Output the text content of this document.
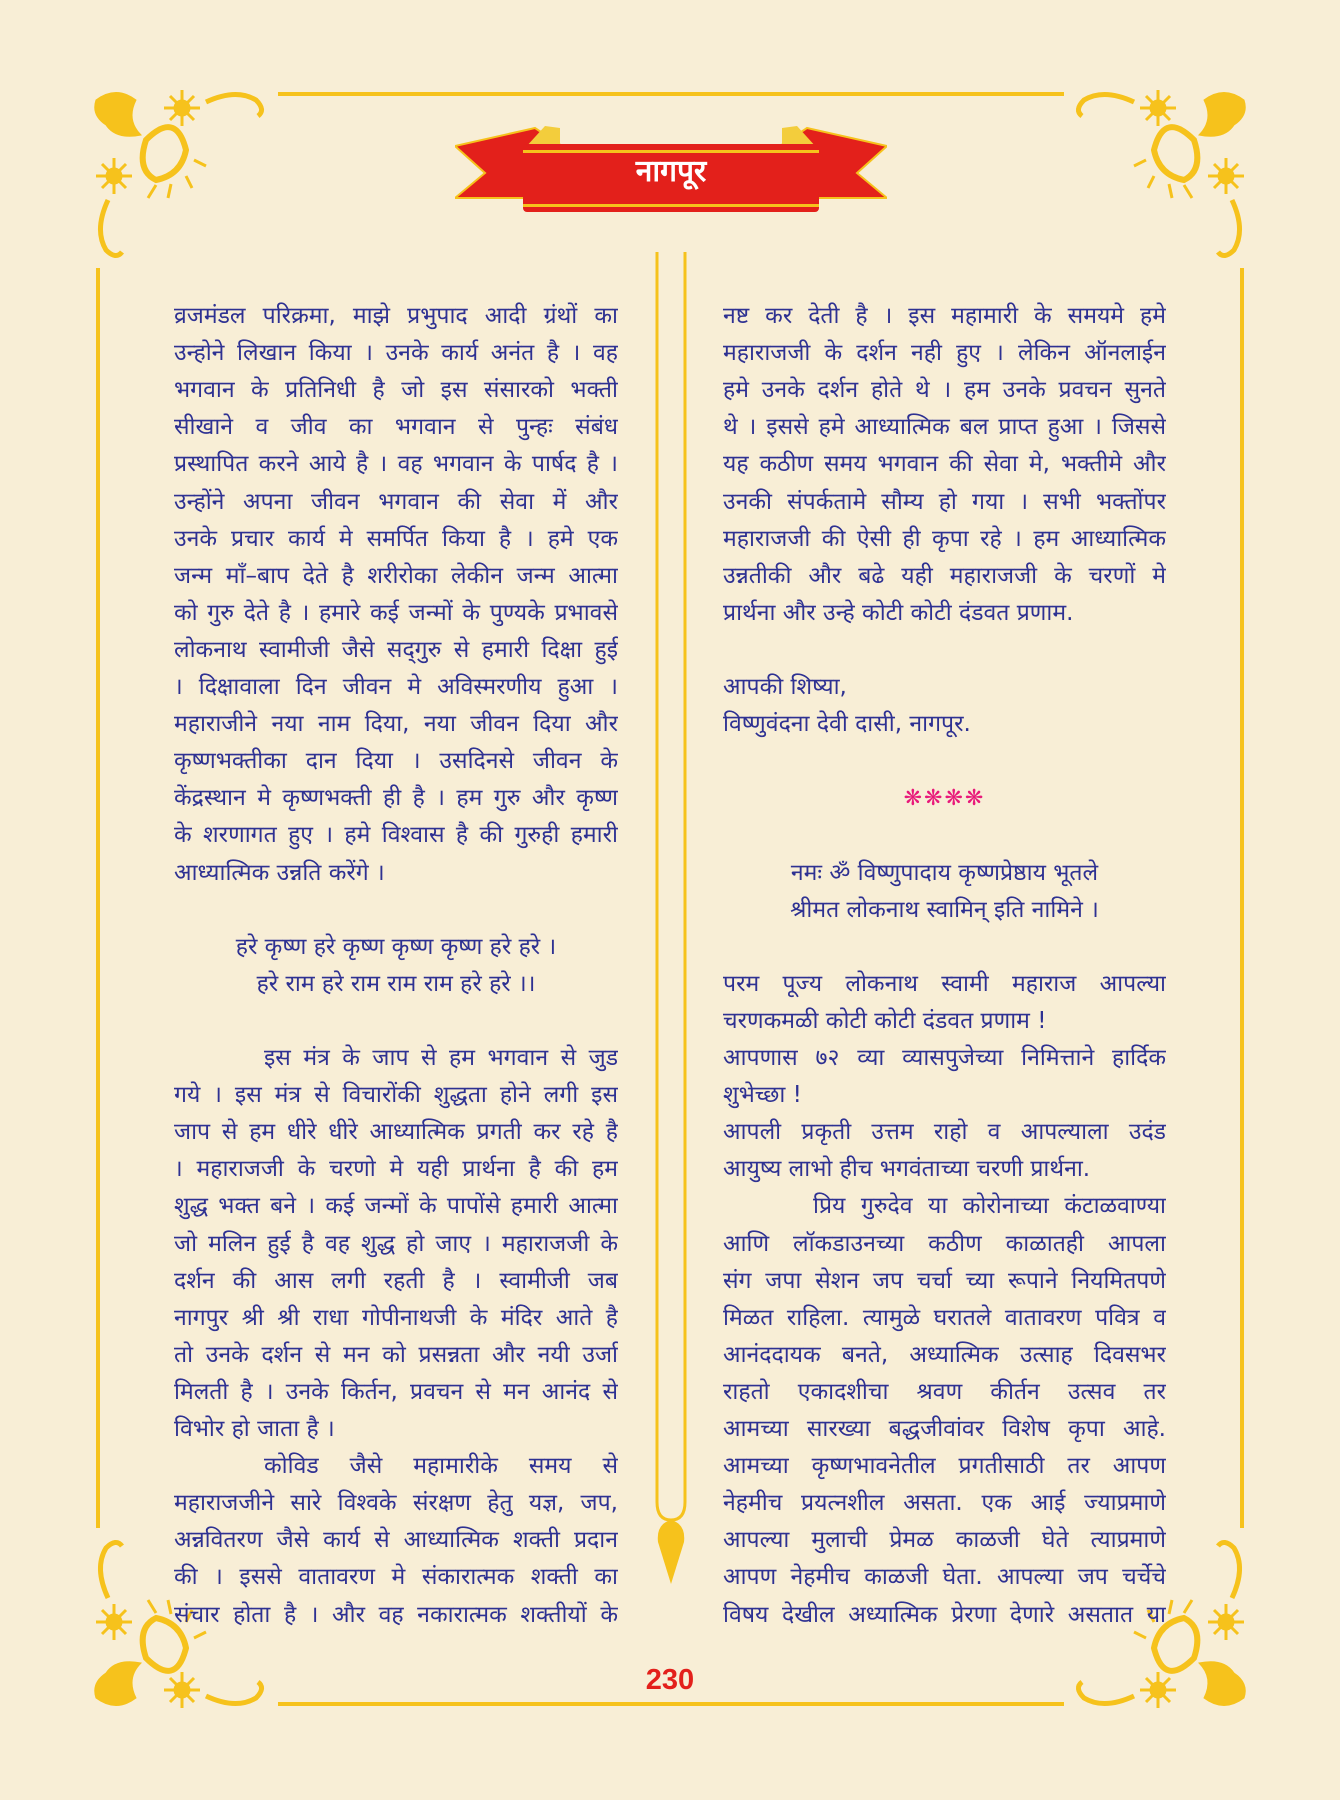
नागपूर
व्रजमंडल परिक्रमा, माझे प्रभुपाद आदी ग्रंथों का
उन्होने लिखान किया । उनके कार्य अनंत है । वह
भगवान के प्रतिनिधी है जो इस संसारको भक्ती
सीखाने व जीव का भगवान से पुन्हः संबंध
प्रस्थापित करने आये है । वह भगवान के पार्षद है ।
उन्होंने अपना जीवन भगवान की सेवा में और
उनके प्रचार कार्य मे समर्पित किया है । हमे एक
जन्म माँ–बाप देते है शरीरोका लेकीन जन्म आत्मा
को गुरु देते है । हमारे कई जन्मों के पुण्यके प्रभावसे
लोकनाथ स्वामीजी जैसे सद्‌गुरु से हमारी दिक्षा हुई
। दिक्षावाला दिन जीवन मे अविस्मरणीय हुआ ।
महाराजीने नया नाम दिया, नया जीवन दिया और
कृष्णभक्तीका दान दिया । उसदिनसे जीवन के
केंद्रस्थान मे कृष्णभक्ती ही है । हम गुरु और कृष्ण
के शरणागत हुए । हमे विश्वास है की गुरुही हमारी
आध्यात्मिक उन्नति करेंगे ।
हरे कृष्ण हरे कृष्ण कृष्ण कृष्ण हरे हरे ।
हरे राम हरे राम राम राम हरे हरे ।।
इस मंत्र के जाप से हम भगवान से जुड
गये । इस मंत्र से विचारोंकी शुद्धता होने लगी इस
जाप से हम धीरे धीरे आध्यात्मिक प्रगती कर रहे है
। महाराजजी के चरणो मे यही प्रार्थना है की हम
शुद्ध भक्त बने । कई जन्मों के पापोंसे हमारी आत्मा
जो मलिन हुई है वह शुद्ध हो जाए । महाराजजी के
दर्शन की आस लगी रहती है । स्वामीजी जब
नागपुर श्री श्री राधा गोपीनाथजी के मंदिर आते है
तो उनके दर्शन से मन को प्रसन्नता और नयी उर्जा
मिलती है । उनके किर्तन, प्रवचन से मन आनंद से
विभोर हो जाता है ।
कोविड जैसे महामारीके समय से
महाराजजीने सारे विश्वके संरक्षण हेतु यज्ञ, जप,
अन्नवितरण जैसे कार्य से आध्यात्मिक शक्ती प्रदान
की । इससे वातावरण मे संकारात्मक शक्ती का
संचार होता है । और वह नकारात्मक शक्तीयों के
नष्ट कर देती है । इस महामारी के समयमे हमे
महाराजजी के दर्शन नही हुए । लेकिन ऑनलाईन
हमे उनके दर्शन होते थे । हम उनके प्रवचन सुनते
थे । इससे हमे आध्यात्मिक बल प्राप्त हुआ । जिससे
यह कठीण समय भगवान की सेवा मे, भक्तीमे और
उनकी संपर्कतामे सौम्य हो गया । सभी भक्तोंपर
महाराजजी की ऐसी ही कृपा रहे । हम आध्यात्मिक
उन्नतीकी और बढे यही महाराजजी के चरणों मे
प्रार्थना और उन्हे कोटी कोटी दंडवत प्रणाम.
आपकी शिष्या,
विष्णुवंदना देवी दासी, नागपूर.
❋❋❋❋
नमः ॐ विष्णुपादाय कृष्णप्रेष्ठाय भूतले
श्रीमत लोकनाथ स्वामिन् इति नामिने ।
परम पूज्य लोकनाथ स्वामी महाराज आपल्या
चरणकमळी कोटी कोटी दंडवत प्रणाम !
आपणास ७२ व्या व्यासपुजेच्या निमित्ताने हार्दिक
शुभेच्छा !
आपली प्रकृती उत्तम राहो व आपल्याला उदंड
आयुष्य लाभो हीच भगवंताच्या चरणी प्रार्थना.
प्रिय गुरुदेव या कोरोनाच्या कंटाळवाण्या
आणि लॉकडाउनच्या कठीण काळातही आपला
संग जपा सेशन जप चर्चा च्या रूपाने नियमितपणे
मिळत राहिला. त्यामुळे घरातले वातावरण पवित्र व
आनंददायक बनते, अध्यात्मिक उत्साह दिवसभर
राहतो एकादशीचा श्रवण कीर्तन उत्सव तर
आमच्या सारख्या बद्धजीवांवर विशेष कृपा आहे.
आमच्या कृष्णभावनेतील प्रगतीसाठी तर आपण
नेहमीच प्रयत्नशील असता. एक आई ज्याप्रमाणे
आपल्या मुलाची प्रेमळ काळजी घेते त्याप्रमाणे
आपण नेहमीच काळजी घेता. आपल्या जप चर्चेचे
विषय देखील अध्यात्मिक प्रेरणा देणारे असतात या
230
